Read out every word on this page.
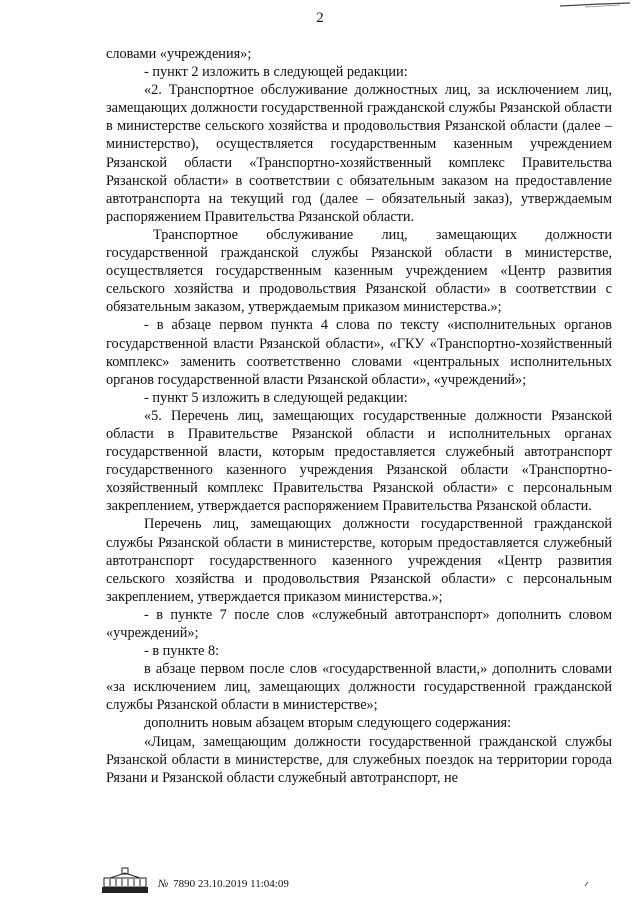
2

словами «учреждения»;

- пункт 2 изложить в следующей редакции:

«2. Транспортное обслуживание должностных лиц, за исключением лиц, замещающих должности государственной гражданской службы Рязанской области в министерстве сельского хозяйства и продовольствия Рязанской области (далее – министерство), осуществляется государственным казенным учреждением Рязанской области «Транспортно-хозяйственный комплекс Правительства Рязанской области» в соответствии с обязательным заказом на предоставление автотранспорта на текущий год (далее – обязательный заказ), утверждаемым распоряжением Правительства Рязанской области.

Транспортное обслуживание лиц, замещающих должности государственной гражданской службы Рязанской области в министерстве, осуществляется государственным казенным учреждением «Центр развития сельского хозяйства и продовольствия Рязанской области» в соответствии с обязательным заказом, утверждаемым приказом министерства.»;

- в абзаце первом пункта 4 слова по тексту «исполнительных органов государственной власти Рязанской области», «ГКУ «Транспортно-хозяйственный комплекс» заменить соответственно словами «центральных исполнительных органов государственной власти Рязанской области», «учреждений»;

- пункт 5 изложить в следующей редакции:

«5. Перечень лиц, замещающих государственные должности Рязанской области в Правительстве Рязанской области и исполнительных органах государственной власти, которым предоставляется служебный автотранспорт государственного казенного учреждения Рязанской области «Транспортно-хозяйственный комплекс Правительства Рязанской области» с персональным закреплением, утверждается распоряжением Правительства Рязанской области.

Перечень лиц, замещающих должности государственной гражданской службы Рязанской области в министерстве, которым предоставляется служебный автотранспорт государственного казенного учреждения «Центр развития сельского хозяйства и продовольствия Рязанской области» с персональным закреплением, утверждается приказом министерства.»;

- в пункте 7 после слов «служебный автотранспорт» дополнить словом «учреждений»;

- в пункте 8:

в абзаце первом после слов «государственной власти,» дополнить словами «за исключением лиц, замещающих должности государственной гражданской службы Рязанской области в министерстве»;

дополнить новым абзацем вторым следующего содержания:

«Лицам, замещающим должности государственной гражданской службы Рязанской области в министерстве, для служебных поездок на территории города Рязани и Рязанской области служебный автотранспорт, не

№ 7890 23.10.2019 11:04:09
